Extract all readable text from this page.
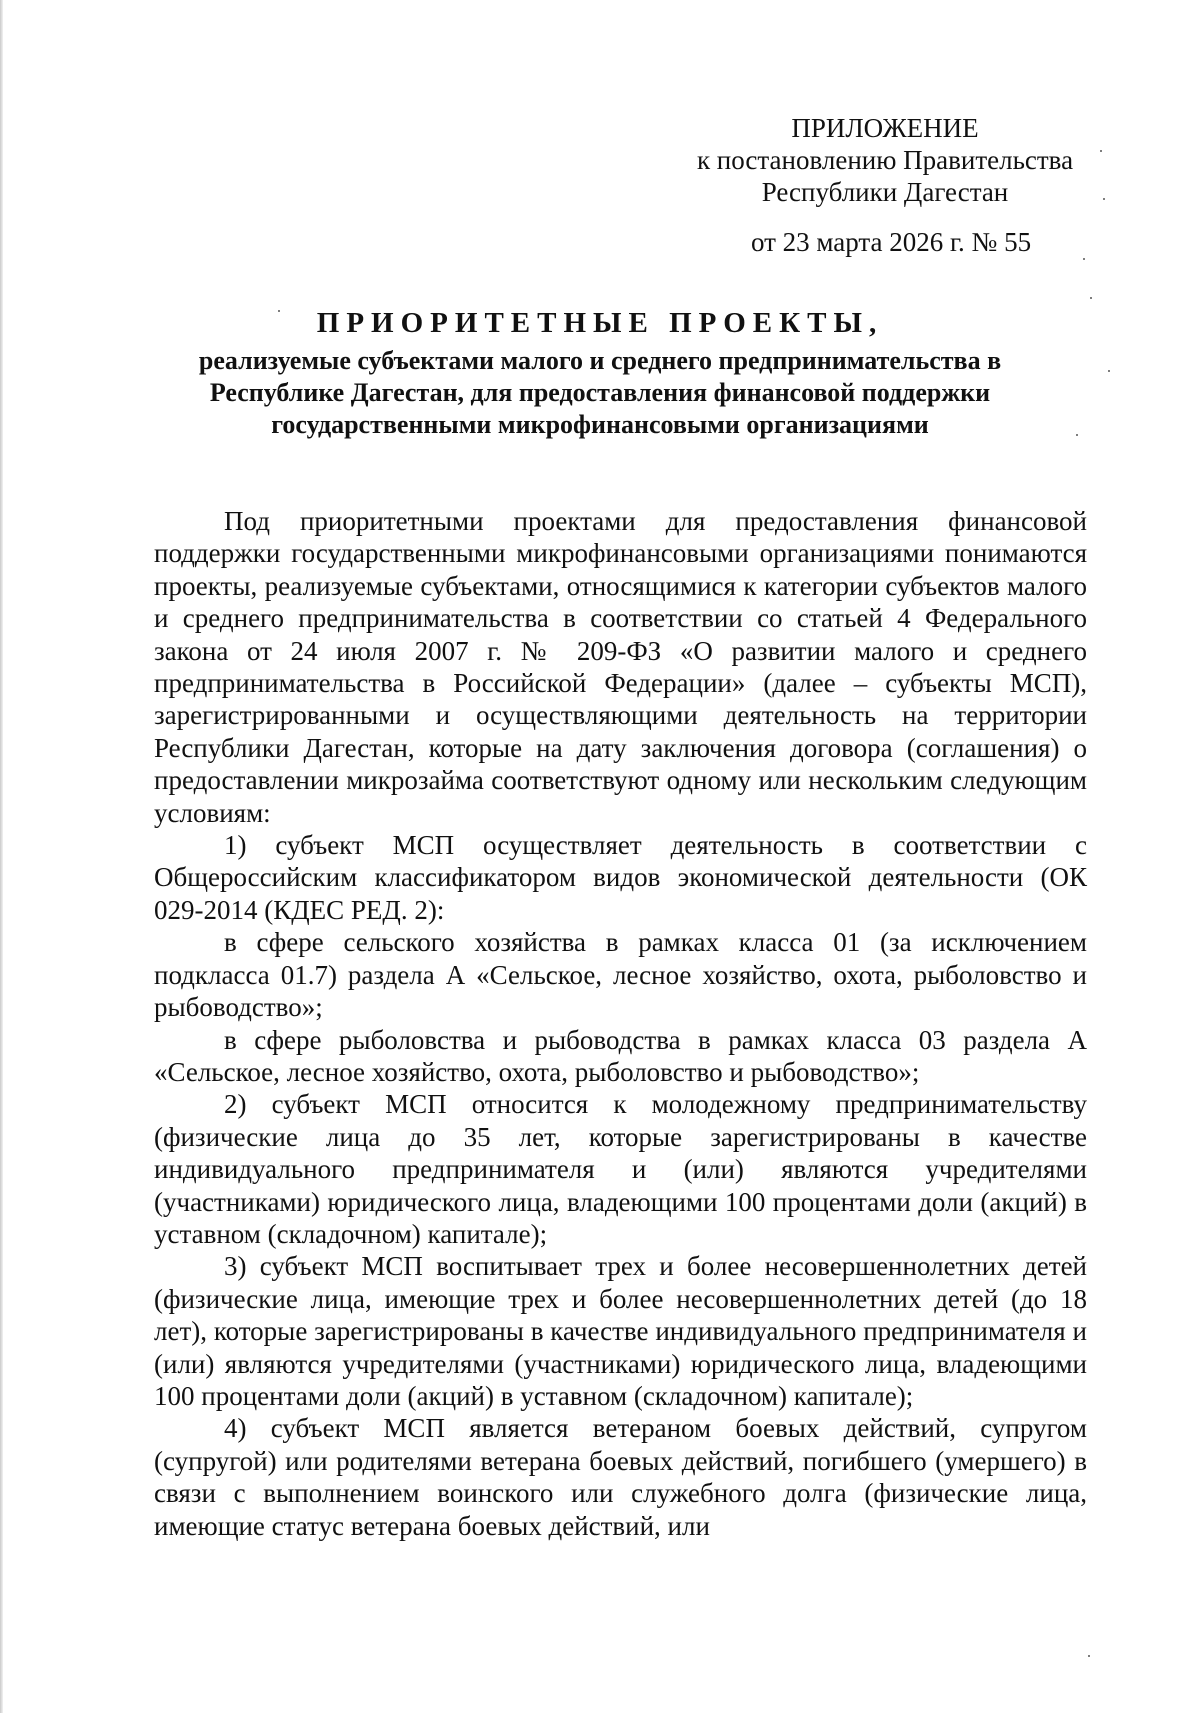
ПРИЛОЖЕНИЕ
к постановлению Правительства
Республики Дагестан
от 23 марта 2026 г. № 55
ПРИОРИТЕТНЫЕ ПРОЕКТЫ,
реализуемые субъектами малого и среднего предпринимательства в
Республике Дагестан, для предоставления финансовой поддержки
государственными микрофинансовыми организациями

Под приоритетными проектами для предоставления финансовой поддержки государственными микрофинансовыми организациями понимаются проекты, реализуемые субъектами, относящимися к категории субъектов малого и среднего предпринимательства в соответствии со статьей 4 Федерального закона от 24 июля 2007 г. № 209-ФЗ «О развитии малого и среднего предпринимательства в Российской Федерации» (далее – субъекты МСП), зарегистрированными и осуществляющими деятельность на территории Республики Дагестан, которые на дату заключения договора (соглашения) о предоставлении микрозайма соответствуют одному или нескольким следующим условиям:

1) субъект МСП осуществляет деятельность в соответствии с Общероссийским классификатором видов экономической деятельности (ОК 029-2014 (КДЕС РЕД. 2):

в сфере сельского хозяйства в рамках класса 01 (за исключением подкласса 01.7) раздела А «Сельское, лесное хозяйство, охота, рыболовство и рыбоводство»;

в сфере рыболовства и рыбоводства в рамках класса 03 раздела А «Сельское, лесное хозяйство, охота, рыболовство и рыбоводство»;

2) субъект МСП относится к молодежному предпринимательству (физические лица до 35 лет, которые зарегистрированы в качестве индивидуального предпринимателя и (или) являются учредителями (участниками) юридического лица, владеющими 100 процентами доли (акций) в уставном (складочном) капитале);

3) субъект МСП воспитывает трех и более несовершеннолетних детей (физические лица, имеющие трех и более несовершеннолетних детей (до 18 лет), которые зарегистрированы в качестве индивидуального предпринимателя и (или) являются учредителями (участниками) юридического лица, владеющими 100 процентами доли (акций) в уставном (складочном) капитале);

4) субъект МСП является ветераном боевых действий, супругом (супругой) или родителями ветерана боевых действий, погибшего (умершего) в связи с выполнением воинского или служебного долга (физические лица, имеющие статус ветерана боевых действий, или
